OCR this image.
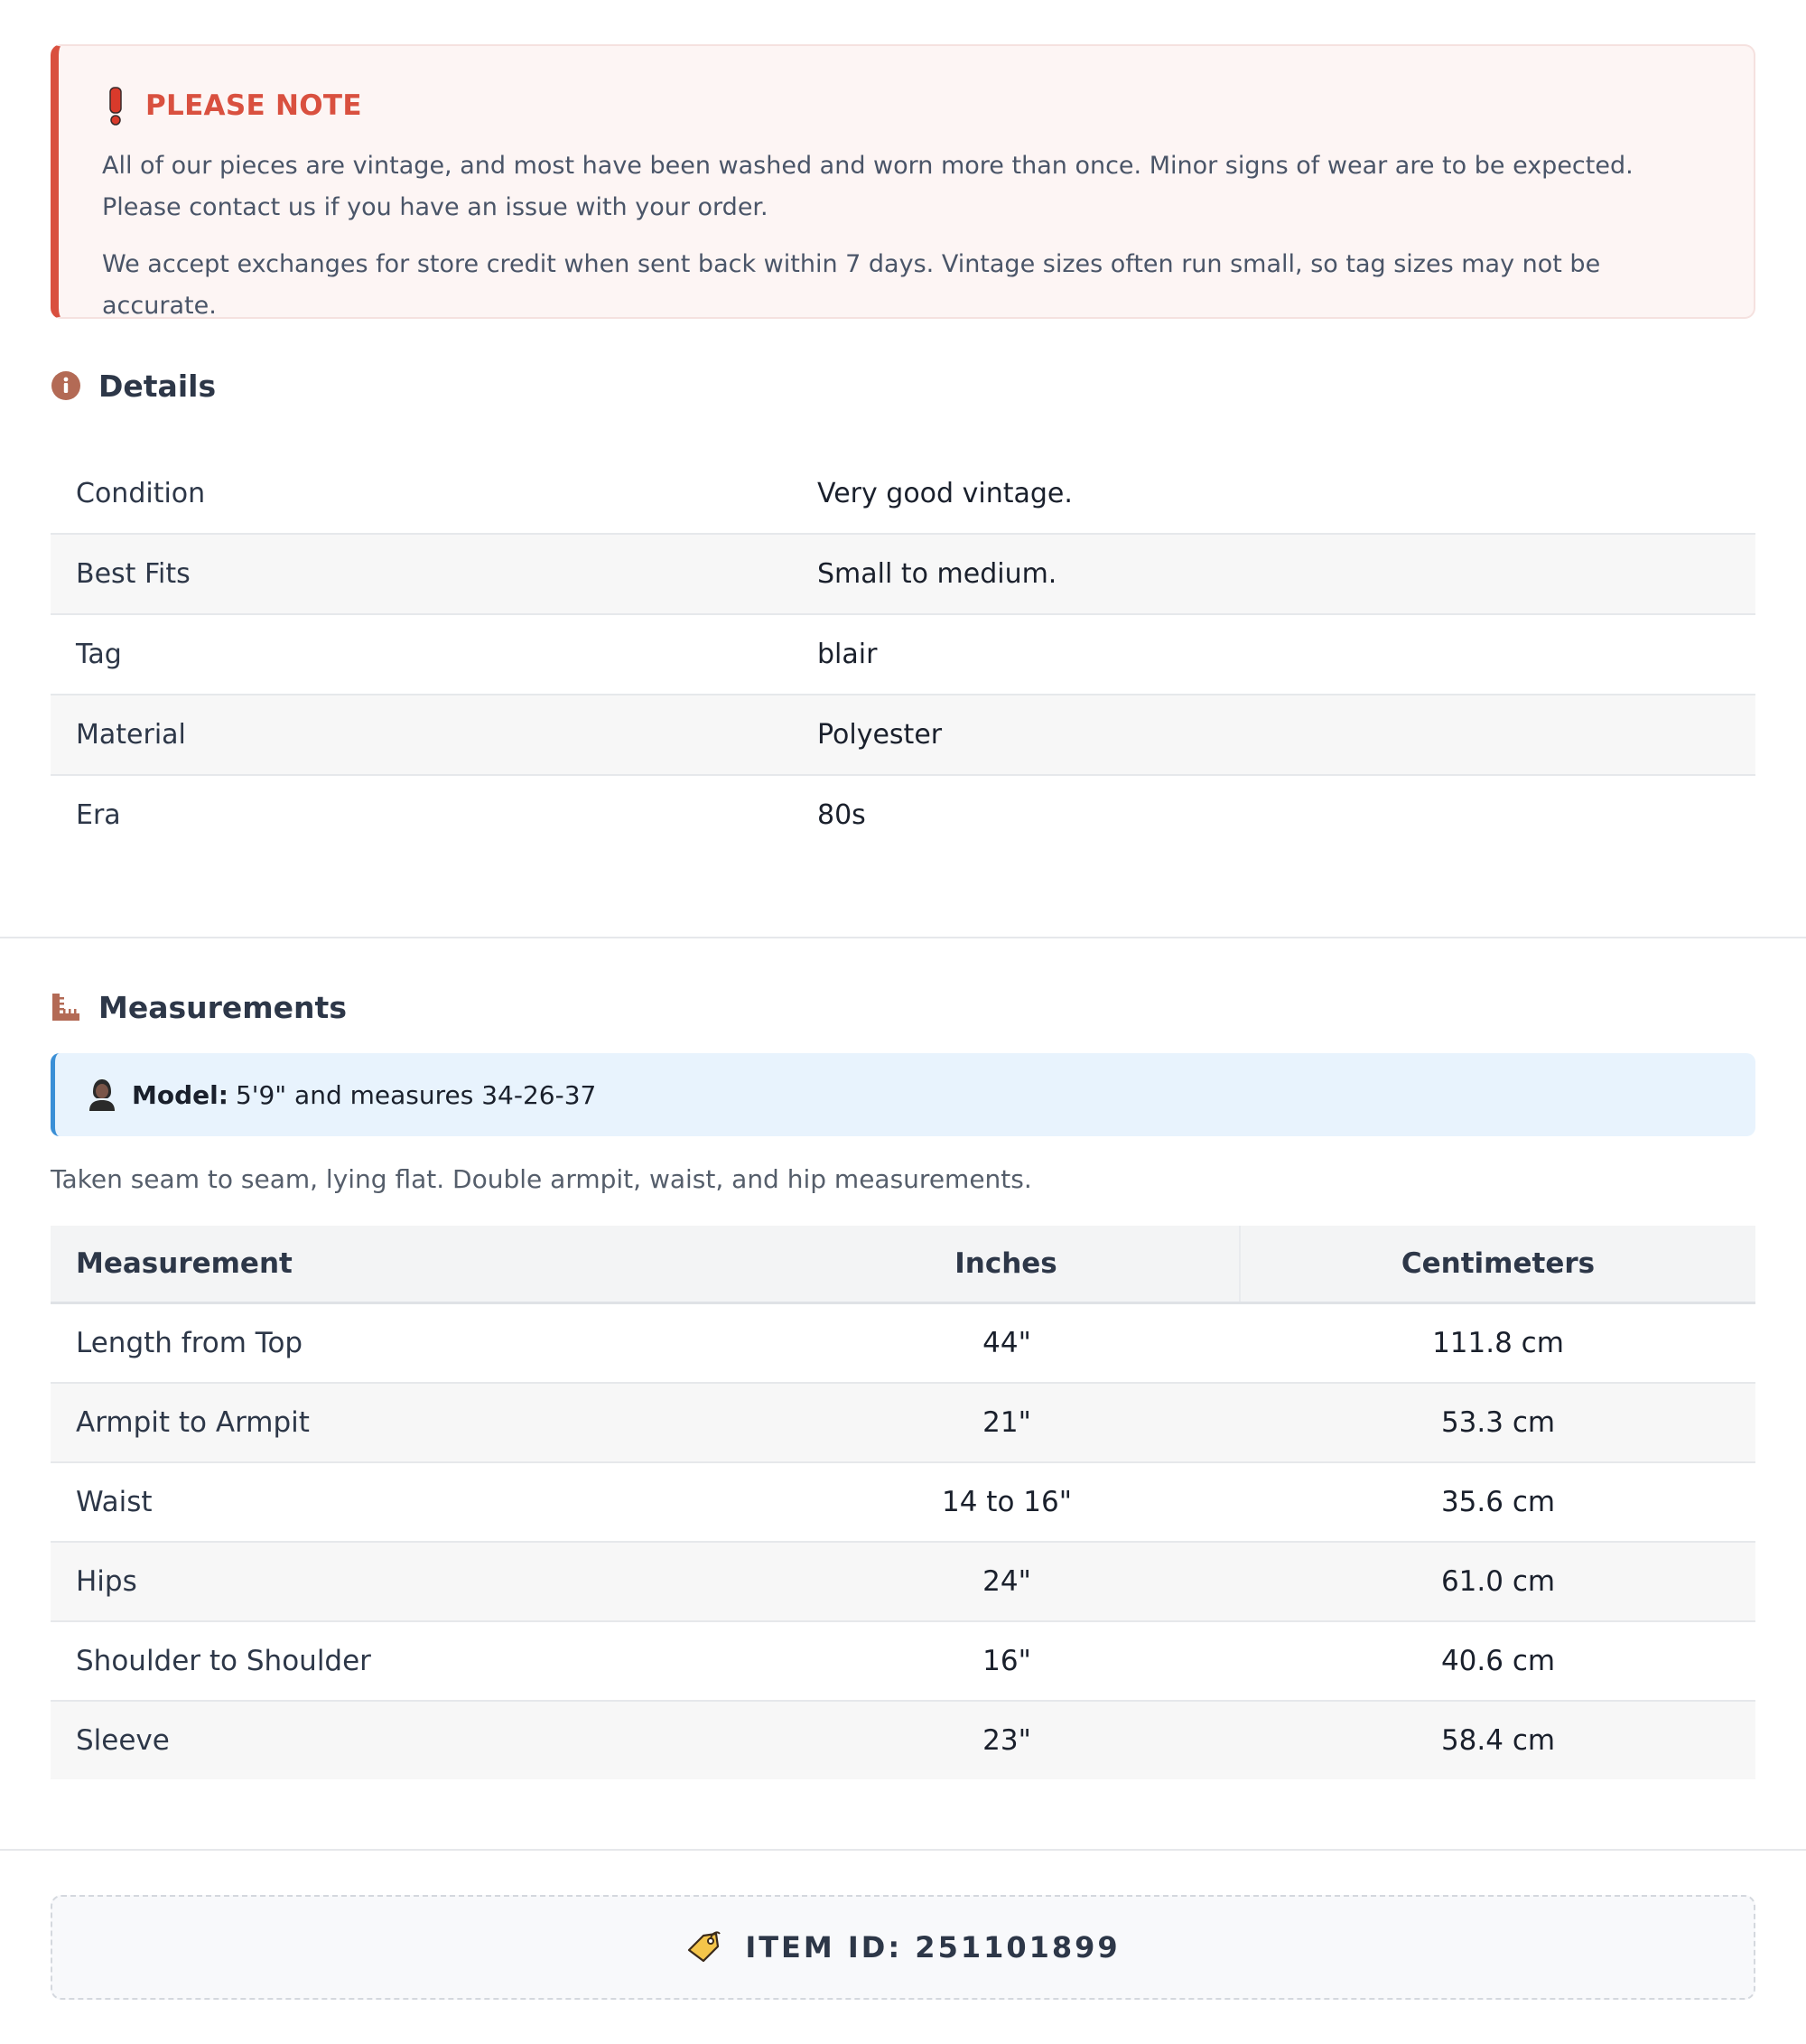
PLEASE NOTE

All of our pieces are vintage, and most have been washed and worn more than once. Minor signs of wear are to be expected. Please contact us if you have an issue with your order.

We accept exchanges for store credit when sent back within 7 days. Vintage sizes often run small, so tag sizes may not be accurate.

Details
Condition	Very good vintage.
Best Fits	Small to medium.
Tag	blair
Material	Polyester
Era	80s
Measurements
Model: 5'9" and measures 34-26-37

Taken seam to seam, lying flat. Double armpit, waist, and hip measurements.

Measurement	Inches	Centimeters
Length from Top	44"	111.8 cm
Armpit to Armpit	21"	53.3 cm
Waist	14 to 16"	35.6 cm
Hips	24"	61.0 cm
Shoulder to Shoulder	16"	40.6 cm
Sleeve	23"	58.4 cm
ITEM ID: 251101899
